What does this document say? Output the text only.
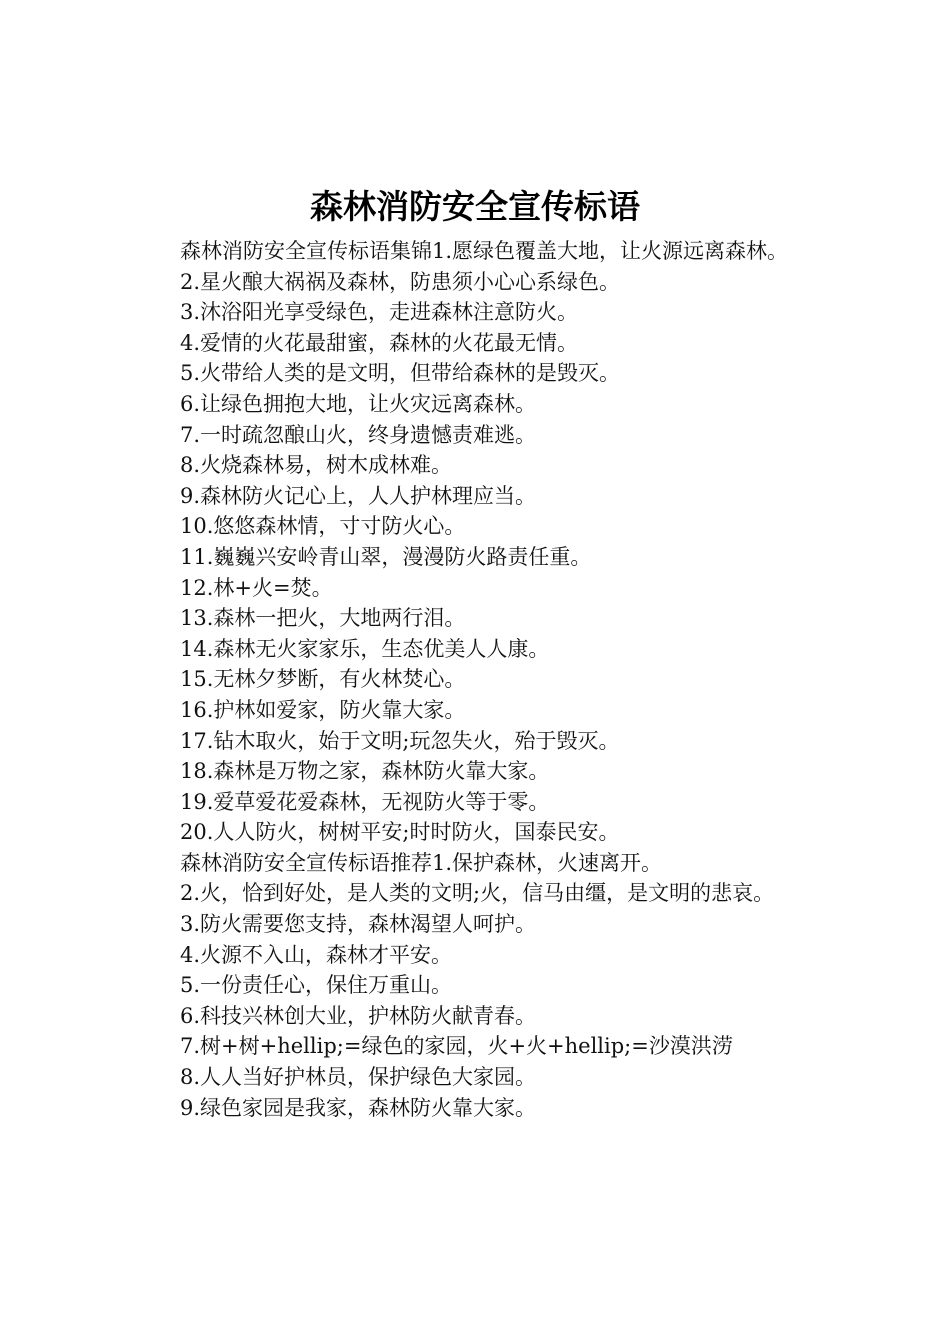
森林消防安全宣传标语

森林消防安全宣传标语集锦1.愿绿色覆盖大地，让火源远离森林。

2.星火酿大祸祸及森林，防患须小心心系绿色。

3.沐浴阳光享受绿色，走进森林注意防火。

4.爱情的火花最甜蜜，森林的火花最无情。

5.火带给人类的是文明，但带给森林的是毁灭。

6.让绿色拥抱大地，让火灾远离森林。

7.一时疏忽酿山火，终身遗憾责难逃。

8.火烧森林易，树木成林难。

9.森林防火记心上，人人护林理应当。

10.悠悠森林情，寸寸防火心。

11.巍巍兴安岭青山翠，漫漫防火路责任重。

12.林+火=焚。

13.森林一把火，大地两行泪。

14.森林无火家家乐，生态优美人人康。

15.无林夕梦断，有火林焚心。

16.护林如爱家，防火靠大家。

17.钻木取火，始于文明;玩忽失火，殆于毁灭。

18.森林是万物之家，森林防火靠大家。

19.爱草爱花爱森林，无视防火等于零。

20.人人防火，树树平安;时时防火，国泰民安。

森林消防安全宣传标语推荐1.保护森林，火速离开。

2.火，恰到好处，是人类的文明;火，信马由缰，是文明的悲哀。

3.防火需要您支持，森林渴望人呵护。

4.火源不入山，森林才平安。

5.一份责任心，保住万重山。

6.科技兴林创大业，护林防火献青春。

7.树+树+hellip;=绿色的家园，火+火+hellip;=沙漠洪涝

8.人人当好护林员，保护绿色大家园。

9.绿色家园是我家，森林防火靠大家。
